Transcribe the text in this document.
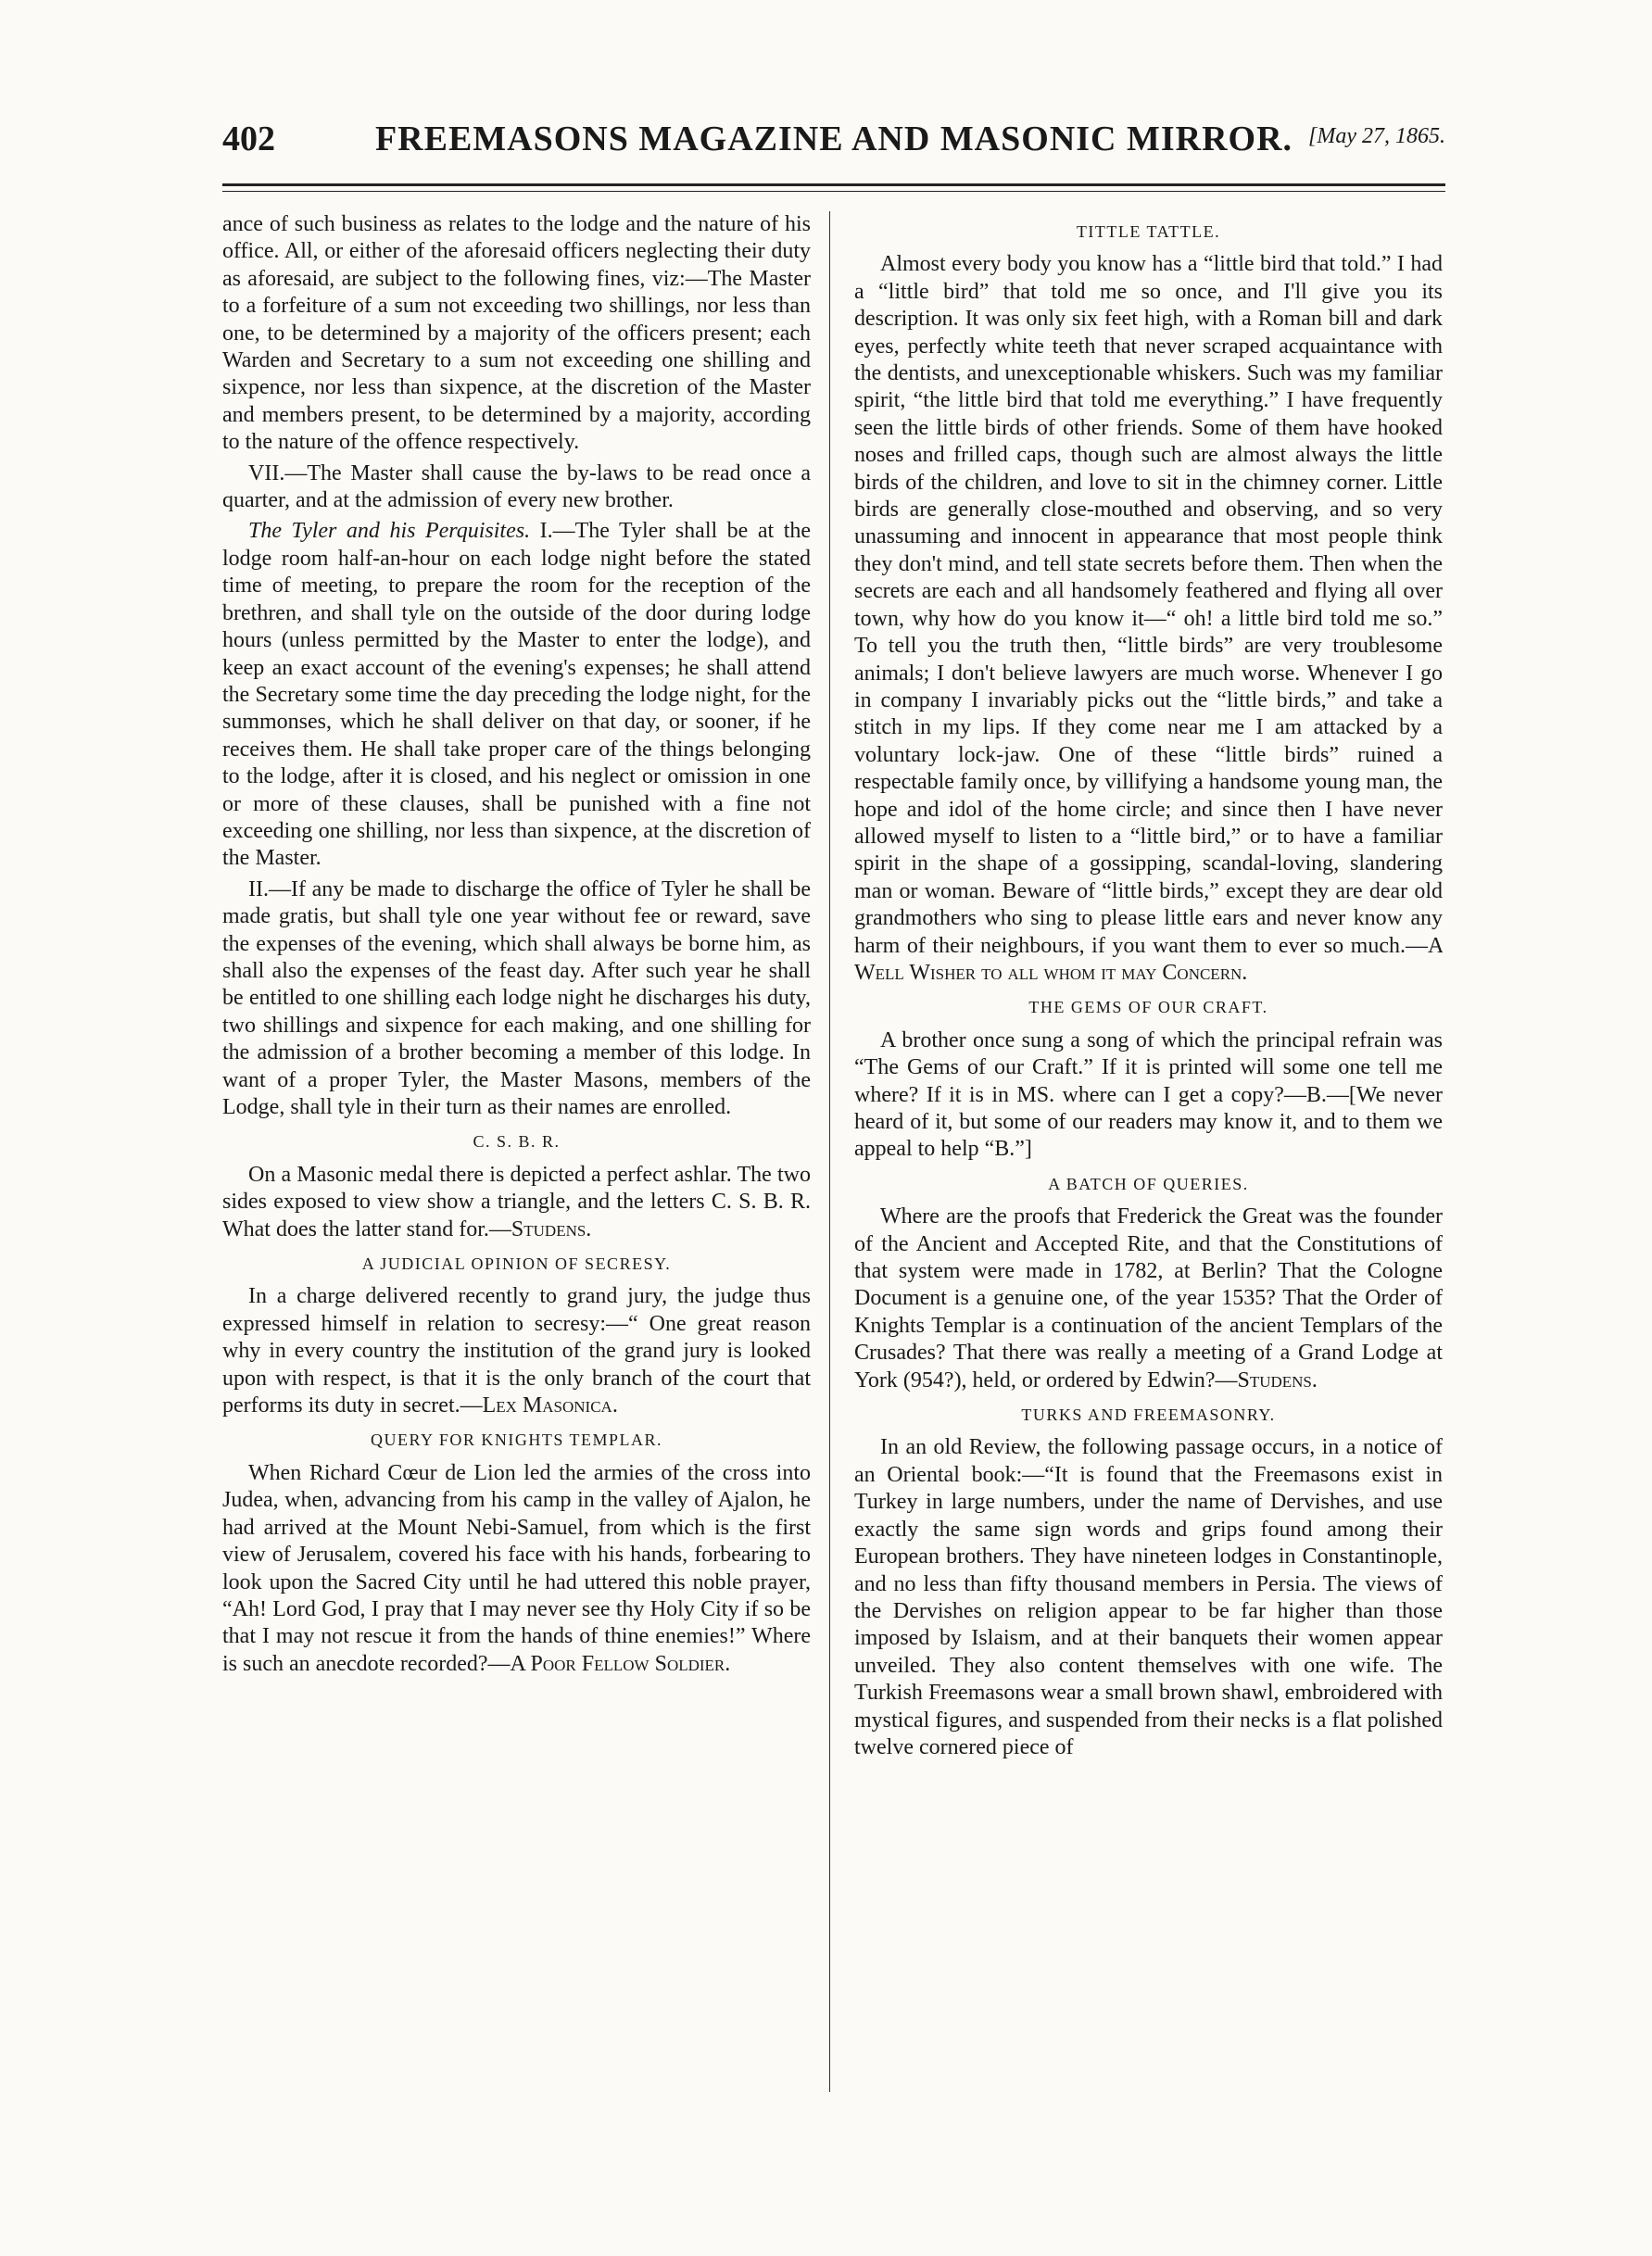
402	FREEMASONS MAGAZINE AND MASONIC MIRROR. [May 27, 1865.

ance of such business as relates to the lodge and the nature of his office. All, or either of the aforesaid officers neglecting their duty as aforesaid, are subject to the following fines, viz:—The Master to a forfeiture of a sum not exceeding two shillings, nor less than one, to be determined by a majority of the officers present; each Warden and Secretary to a sum not exceeding one shilling and sixpence, nor less than sixpence, at the discretion of the Master and members present, to be determined by a majority, according to the nature of the offence respectively.

VII.—The Master shall cause the by-laws to be read once a quarter, and at the admission of every new brother.

The Tyler and his Perquisites. I.—The Tyler shall be at the lodge room half-an-hour on each lodge night before the stated time of meeting, to prepare the room for the reception of the brethren, and shall tyle on the outside of the door during lodge hours (unless permitted by the Master to enter the lodge), and keep an exact account of the evening's expenses; he shall attend the Secretary some time the day preceding the lodge night, for the summonses, which he shall deliver on that day, or sooner, if he receives them. He shall take proper care of the things belonging to the lodge, after it is closed, and his neglect or omission in one or more of these clauses, shall be punished with a fine not exceeding one shilling, nor less than sixpence, at the discretion of the Master.

II.—If any be made to discharge the office of Tyler he shall be made gratis, but shall tyle one year without fee or reward, save the expenses of the evening, which shall always be borne him, as shall also the expenses of the feast day. After such year he shall be entitled to one shilling each lodge night he discharges his duty, two shillings and sixpence for each making, and one shilling for the admission of a brother becoming a member of this lodge. In want of a proper Tyler, the Master Masons, members of the Lodge, shall tyle in their turn as their names are enrolled.

C. S. B. R.

On a Masonic medal there is depicted a perfect ashlar. The two sides exposed to view show a triangle, and the letters C. S. B. R. What does the latter stand for.—Studens.

A JUDICIAL OPINION OF SECRESY.

In a charge delivered recently to grand jury, the judge thus expressed himself in relation to secresy:—“ One great reason why in every country the institution of the grand jury is looked upon with respect, is that it is the only branch of the court that performs its duty in secret.—Lex Masonica.

QUERY FOR KNIGHTS TEMPLAR.

When Richard Cœur de Lion led the armies of the cross into Judea, when, advancing from his camp in the valley of Ajalon, he had arrived at the Mount Nebi-Samuel, from which is the first view of Jerusalem, covered his face with his hands, forbearing to look upon the Sacred City until he had uttered this noble prayer, “Ah! Lord God, I pray that I may never see thy Holy City if so be that I may not rescue it from the hands of thine enemies!” Where is such an anecdote recorded?—A Poor Fellow Soldier.

TITTLE TATTLE.

Almost every body you know has a “little bird that told.” I had a “little bird” that told me so once, and I'll give you its description. It was only six feet high, with a Roman bill and dark eyes, perfectly white teeth that never scraped acquaintance with the dentists, and unexceptionable whiskers. Such was my familiar spirit, “the little bird that told me everything.” I have frequently seen the little birds of other friends. Some of them have hooked noses and frilled caps, though such are almost always the little birds of the children, and love to sit in the chimney corner. Little birds are generally close-mouthed and observing, and so very unassuming and innocent in appearance that most people think they don't mind, and tell state secrets before them. Then when the secrets are each and all handsomely feathered and flying all over town, why how do you know it—“ oh! a little bird told me so.” To tell you the truth then, “little birds” are very troublesome animals; I don't believe lawyers are much worse. Whenever I go in company I invariably picks out the “little birds,” and take a stitch in my lips. If they come near me I am attacked by a voluntary lock-jaw. One of these “little birds” ruined a respectable family once, by villifying a handsome young man, the hope and idol of the home circle; and since then I have never allowed myself to listen to a “little bird,” or to have a familiar spirit in the shape of a gossipping, scandal-loving, slandering man or woman. Beware of “little birds,” except they are dear old grandmothers who sing to please little ears and never know any harm of their neighbours, if you want them to ever so much.—A Well Wisher to all whom it may Concern.

THE GEMS OF OUR CRAFT.

A brother once sung a song of which the principal refrain was “The Gems of our Craft.” If it is printed will some one tell me where? If it is in MS. where can I get a copy?—B.—[We never heard of it, but some of our readers may know it, and to them we appeal to help “B.”]

A BATCH OF QUERIES.

Where are the proofs that Frederick the Great was the founder of the Ancient and Accepted Rite, and that the Constitutions of that system were made in 1782, at Berlin? That the Cologne Document is a genuine one, of the year 1535? That the Order of Knights Templar is a continuation of the ancient Templars of the Crusades? That there was really a meeting of a Grand Lodge at York (954?), held, or ordered by Edwin?—Studens.

TURKS AND FREEMASONRY.

In an old Review, the following passage occurs, in a notice of an Oriental book:—“It is found that the Freemasons exist in Turkey in large numbers, under the name of Dervishes, and use exactly the same sign words and grips found among their European brothers. They have nineteen lodges in Constantinople, and no less than fifty thousand members in Persia. The views of the Dervishes on religion appear to be far higher than those imposed by Islaism, and at their banquets their women appear unveiled. They also content themselves with one wife. The Turkish Freemasons wear a small brown shawl, embroidered with mystical figures, and suspended from their necks is a flat polished twelve cornered piece of
